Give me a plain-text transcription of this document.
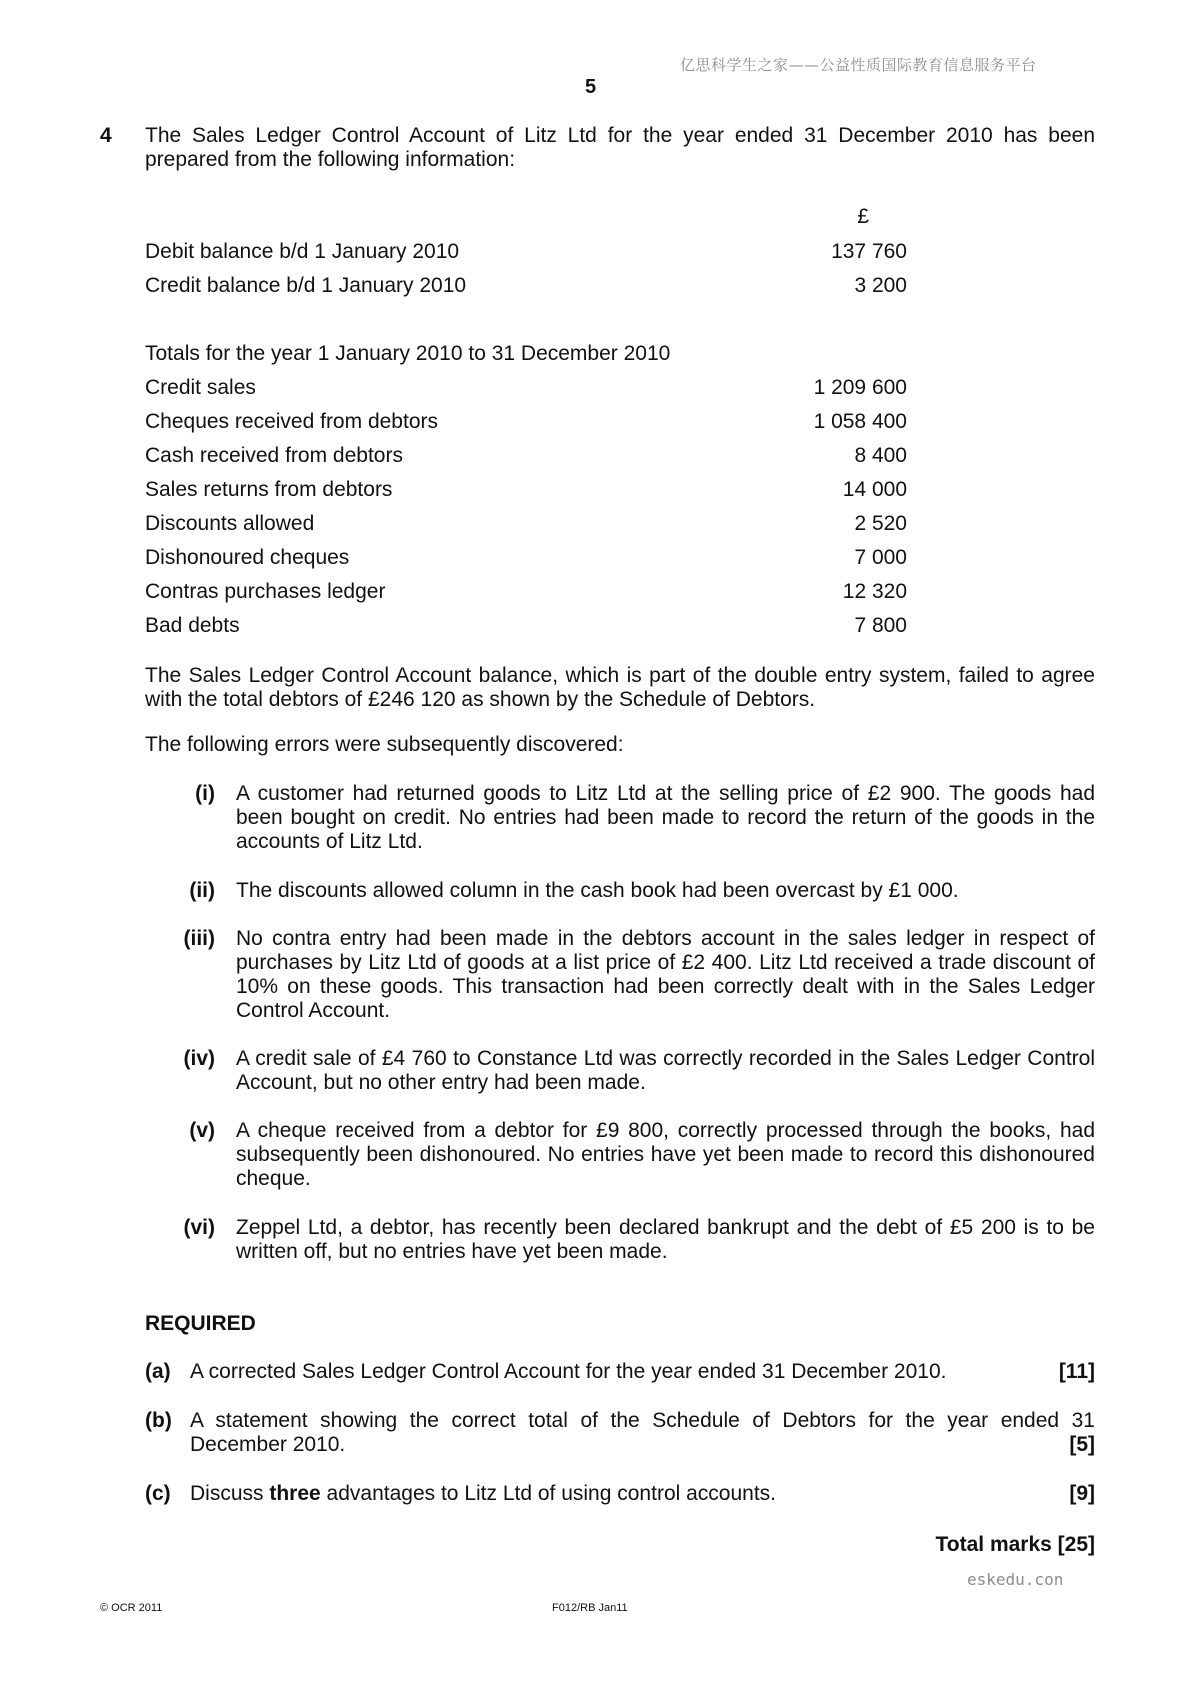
亿思科学生之家——公益性质国际教育信息服务平台
5
4 The Sales Ledger Control Account of Litz Ltd for the year ended 31 December 2010 has been prepared from the following information:
£
Debit balance b/d 1 January 2010	137 760
Credit balance b/d 1 January 2010	3 200
Totals for the year 1 January 2010 to 31 December 2010
Credit sales	1 209 600
Cheques received from debtors	1 058 400
Cash received from debtors	8 400
Sales returns from debtors	14 000
Discounts allowed	2 520
Dishonoured cheques	7 000
Contras purchases ledger	12 320
Bad debts	7 800
The Sales Ledger Control Account balance, which is part of the double entry system, failed to agree with the total debtors of £246 120 as shown by the Schedule of Debtors.
The following errors were subsequently discovered:
(i) A customer had returned goods to Litz Ltd at the selling price of £2 900. The goods had been bought on credit. No entries had been made to record the return of the goods in the accounts of Litz Ltd.
(ii) The discounts allowed column in the cash book had been overcast by £1 000.
(iii) No contra entry had been made in the debtors account in the sales ledger in respect of purchases by Litz Ltd of goods at a list price of £2 400. Litz Ltd received a trade discount of 10% on these goods. This transaction had been correctly dealt with in the Sales Ledger Control Account.
(iv) A credit sale of £4 760 to Constance Ltd was correctly recorded in the Sales Ledger Control Account, but no other entry had been made.
(v) A cheque received from a debtor for £9 800, correctly processed through the books, had subsequently been dishonoured. No entries have yet been made to record this dishonoured cheque.
(vi) Zeppel Ltd, a debtor, has recently been declared bankrupt and the debt of £5 200 is to be written off, but no entries have yet been made.
REQUIRED
(a) A corrected Sales Ledger Control Account for the year ended 31 December 2010.	[11]
(b) A statement showing the correct total of the Schedule of Debtors for the year ended 31 December 2010.	[5]
(c) Discuss three advantages to Litz Ltd of using control accounts.	[9]
Total marks [25]
eskedu.con
© OCR 2011	F012/RB Jan11
